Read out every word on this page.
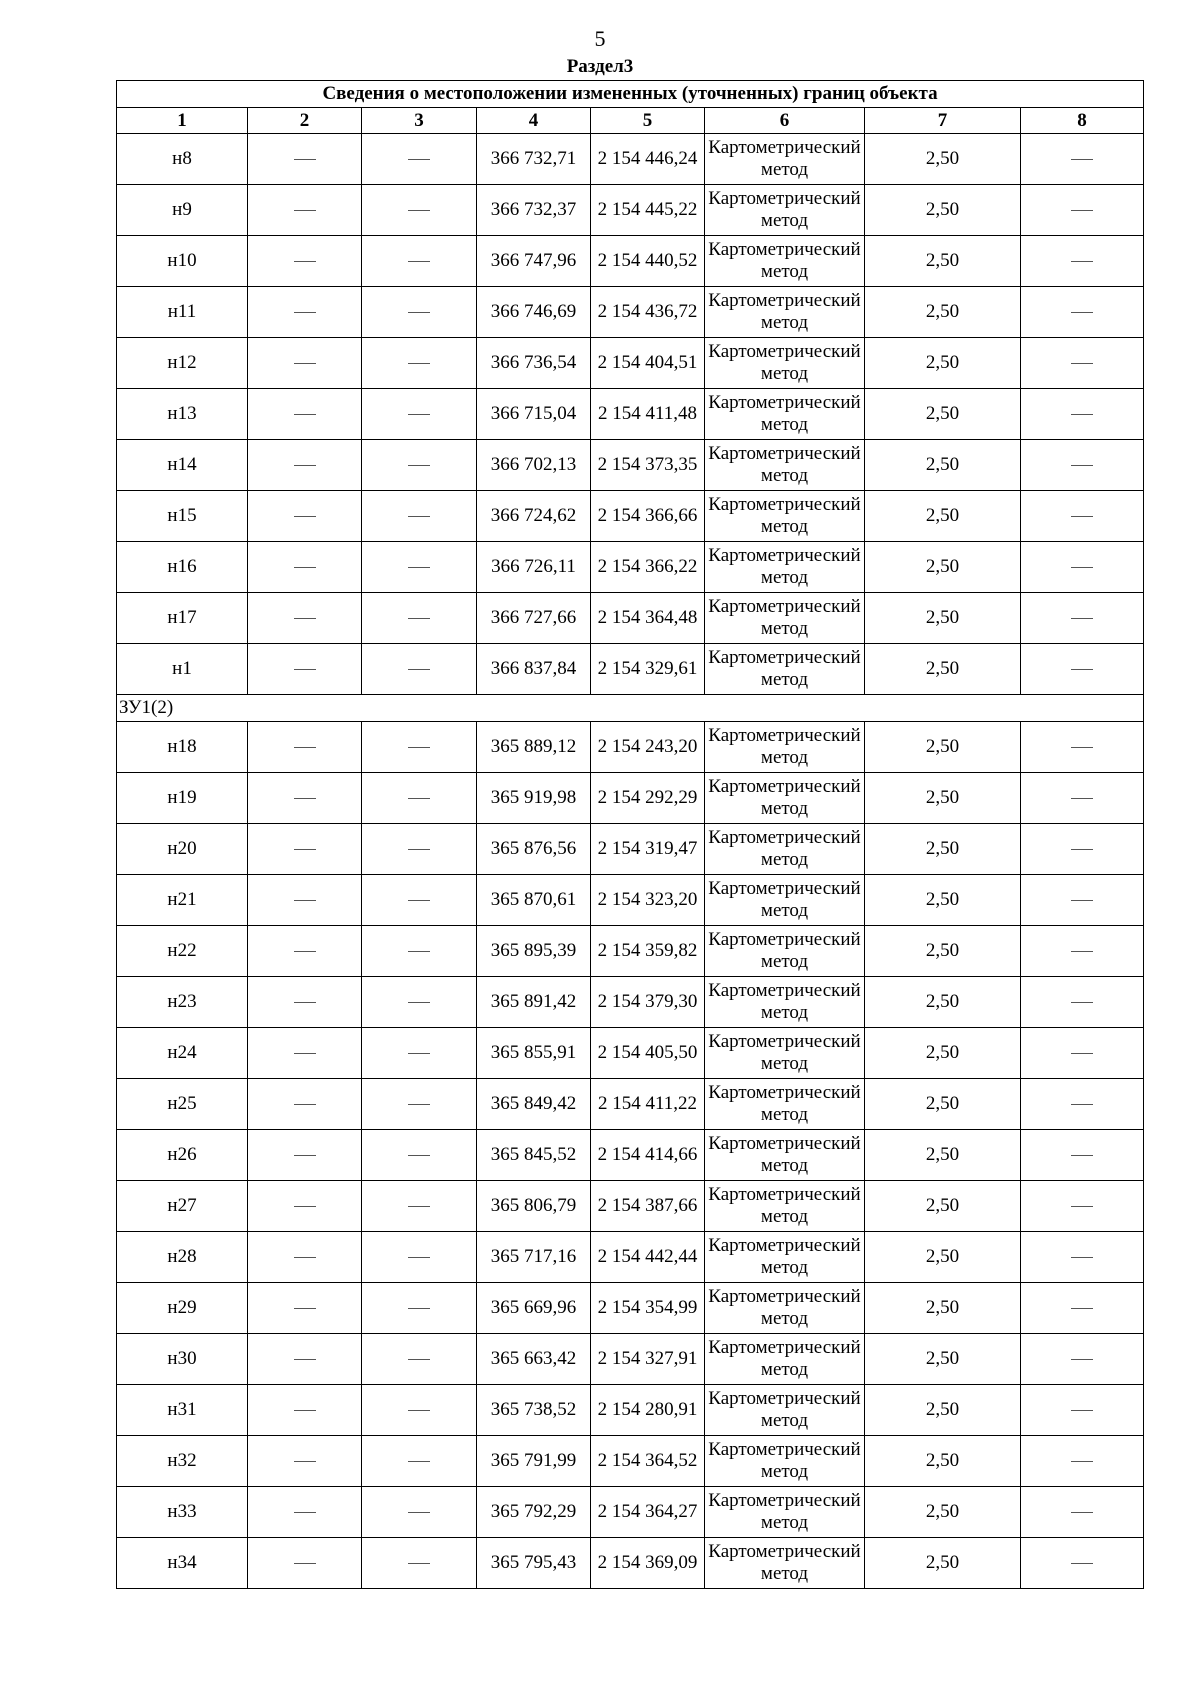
5
Раздел3
Сведения о местоположении измененных (уточненных) границ объекта							
1	2	3	4	5	6	7	8
н8			366 732,71	2 154 446,24	Картометрический метод	2,50	
н9			366 732,37	2 154 445,22	Картометрический метод	2,50	
н10			366 747,96	2 154 440,52	Картометрический метод	2,50	
н11			366 746,69	2 154 436,72	Картометрический метод	2,50	
н12			366 736,54	2 154 404,51	Картометрический метод	2,50	
н13			366 715,04	2 154 411,48	Картометрический метод	2,50	
н14			366 702,13	2 154 373,35	Картометрический метод	2,50	
н15			366 724,62	2 154 366,66	Картометрический метод	2,50	
н16			366 726,11	2 154 366,22	Картометрический метод	2,50	
н17			366 727,66	2 154 364,48	Картометрический метод	2,50	
н1			366 837,84	2 154 329,61	Картометрический метод	2,50	
ЗУ1(2)							
н18			365 889,12	2 154 243,20	Картометрический метод	2,50	
н19			365 919,98	2 154 292,29	Картометрический метод	2,50	
н20			365 876,56	2 154 319,47	Картометрический метод	2,50	
н21			365 870,61	2 154 323,20	Картометрический метод	2,50	
н22			365 895,39	2 154 359,82	Картометрический метод	2,50	
н23			365 891,42	2 154 379,30	Картометрический метод	2,50	
н24			365 855,91	2 154 405,50	Картометрический метод	2,50	
н25			365 849,42	2 154 411,22	Картометрический метод	2,50	
н26			365 845,52	2 154 414,66	Картометрический метод	2,50	
н27			365 806,79	2 154 387,66	Картометрический метод	2,50	
н28			365 717,16	2 154 442,44	Картометрический метод	2,50	
н29			365 669,96	2 154 354,99	Картометрический метод	2,50	
н30			365 663,42	2 154 327,91	Картометрический метод	2,50	
н31			365 738,52	2 154 280,91	Картометрический метод	2,50	
н32			365 791,99	2 154 364,52	Картометрический метод	2,50	
н33			365 792,29	2 154 364,27	Картометрический метод	2,50	
н34			365 795,43	2 154 369,09	Картометрический метод	2,50	
